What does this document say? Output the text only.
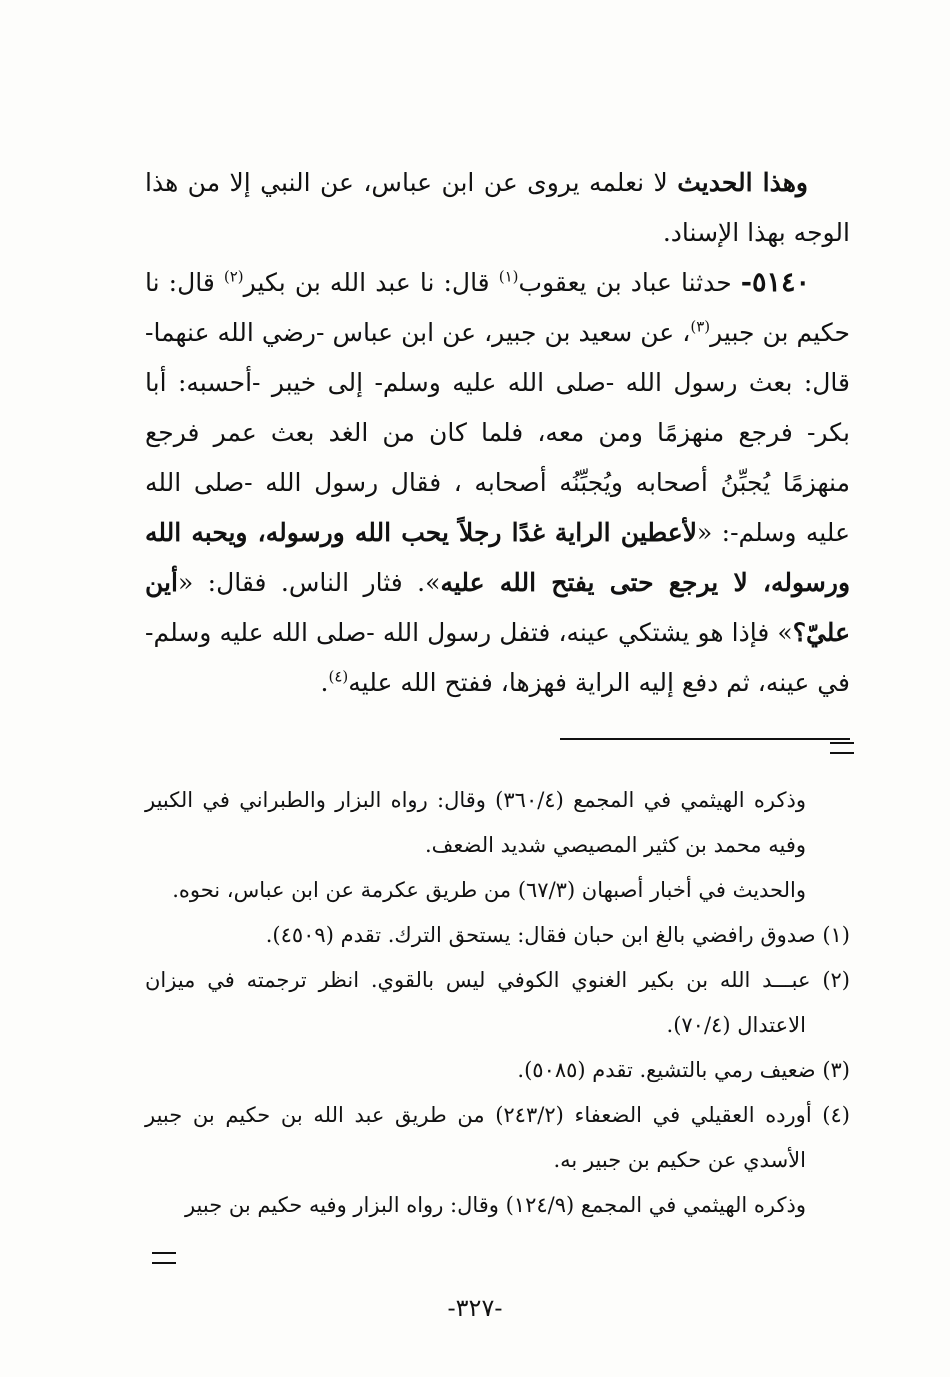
وهذا الحديث لا نعلمه يروى عن ابن عباس، عن النبي إلا من هذا الوجه بهذا الإسناد.

٥١٤٠- حدثنا عباد بن يعقوب$^{(١)}$ قال: نا عبد الله بن بكير$^{(٢)}$ قال: نا حكيم بن جبير$^{(٣)}$، عن سعيد بن جبير، عن ابن عباس -رضي الله عنهما- قال: بعث رسول الله -صلى الله عليه وسلم- إلى خيبر -أحسبه: أبا بكر- فرجع منهزمًا ومن معه، فلما كان من الغد بعث عمر فرجع منهزمًا يُجبِّنُ أصحابه ويُجبِّنُه أصحابه ، فقال رسول الله -صلى الله عليه وسلم-: «لأعطين الراية غدًا رجلاً يحب الله ورسوله، ويحبه الله ورسوله، لا يرجع حتى يفتح الله عليه». فثار الناس. فقال: «أين عليّ؟» فإذا هو يشتكي عينه، فتفل رسول الله -صلى الله عليه وسلم- في عينه، ثم دفع إليه الراية فهزها، ففتح الله عليه$^{(٤)}$.

وذكره الهيثمي في المجمع (٣٦٠/٤) وقال: رواه البزار والطبراني في الكبير وفيه محمد بن كثير المصيصي شديد الضعف.

والحديث في أخبار أصبهان (٦٧/٣) من طريق عكرمة عن ابن عباس، نحوه.

(١) صدوق رافضي بالغ ابن حبان فقال: يستحق الترك. تقدم (٤٥٠٩).

(٢) عبـــد الله بن بكير الغنوي الكوفي ليس بالقوي. انظر ترجمته في ميزان الاعتدال (٧٠/٤).

(٣) ضعيف رمي بالتشيع. تقدم (٥٠٨٥).

(٤) أورده العقيلي في الضعفاء (٢٤٣/٢) من طريق عبد الله بن حكيم بن جبير الأسدي عن حكيم بن جبير به.

وذكره الهيثمي في المجمع (١٢٤/٩) وقال: رواه البزار وفيه حكيم بن جبير

-٣٢٧-
